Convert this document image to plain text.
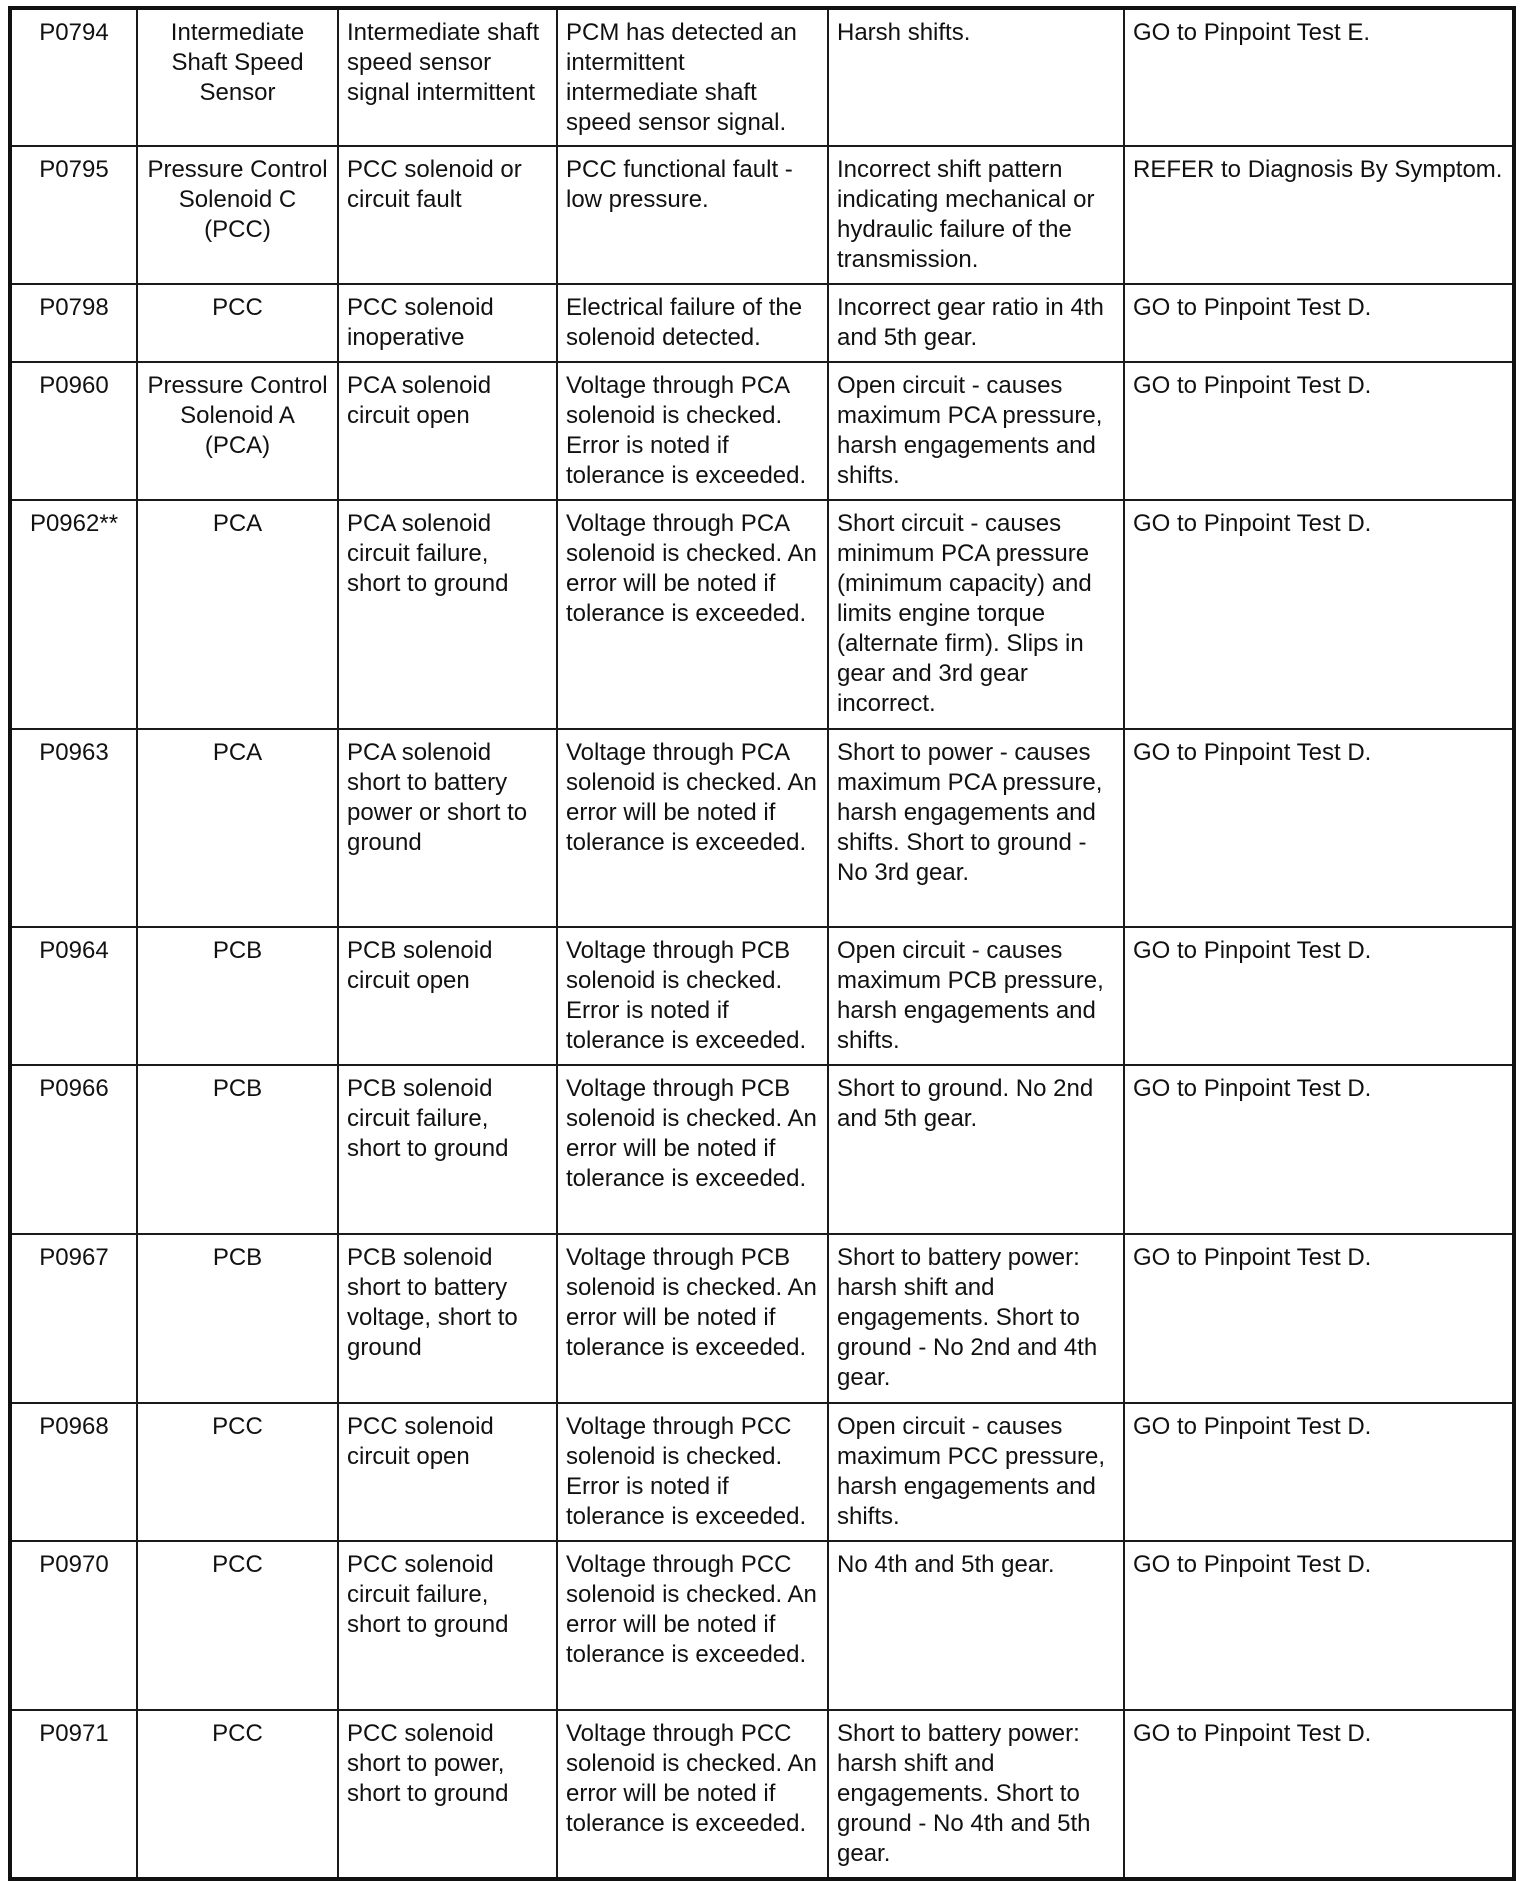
P0794	Intermediate Shaft Speed Sensor	Intermediate shaft speed sensor signal intermittent	PCM has detected an intermittent intermediate shaft speed sensor signal.	Harsh shifts.	GO to Pinpoint Test E.
P0795	Pressure Control Solenoid C (PCC)	PCC solenoid or circuit fault	PCC functional fault - low pressure.	Incorrect shift pattern indicating mechanical or hydraulic failure of the transmission.	REFER to Diagnosis By Symptom.
P0798	PCC	PCC solenoid inoperative	Electrical failure of the solenoid detected.	Incorrect gear ratio in 4th and 5th gear.	GO to Pinpoint Test D.
P0960	Pressure Control Solenoid A (PCA)	PCA solenoid circuit open	Voltage through PCA solenoid is checked. Error is noted if tolerance is exceeded.	Open circuit - causes maximum PCA pressure, harsh engagements and shifts.	GO to Pinpoint Test D.
P0962**	PCA	PCA solenoid circuit failure, short to ground	Voltage through PCA solenoid is checked. An error will be noted if tolerance is exceeded.	Short circuit - causes minimum PCA pressure (minimum capacity) and limits engine torque (alternate firm). Slips in gear and 3rd gear incorrect.	GO to Pinpoint Test D.
P0963	PCA	PCA solenoid short to battery power or short to ground	Voltage through PCA solenoid is checked. An error will be noted if tolerance is exceeded.	Short to power - causes maximum PCA pressure, harsh engagements and shifts. Short to ground - No 3rd gear.	GO to Pinpoint Test D.
P0964	PCB	PCB solenoid circuit open	Voltage through PCB solenoid is checked. Error is noted if tolerance is exceeded.	Open circuit - causes maximum PCB pressure, harsh engagements and shifts.	GO to Pinpoint Test D.
P0966	PCB	PCB solenoid circuit failure, short to ground	Voltage through PCB solenoid is checked. An error will be noted if tolerance is exceeded.	Short to ground. No 2nd and 5th gear.	GO to Pinpoint Test D.
P0967	PCB	PCB solenoid short to battery voltage, short to ground	Voltage through PCB solenoid is checked. An error will be noted if tolerance is exceeded.	Short to battery power: harsh shift and engagements. Short to ground - No 2nd and 4th gear.	GO to Pinpoint Test D.
P0968	PCC	PCC solenoid circuit open	Voltage through PCC solenoid is checked. Error is noted if tolerance is exceeded.	Open circuit - causes maximum PCC pressure, harsh engagements and shifts.	GO to Pinpoint Test D.
P0970	PCC	PCC solenoid circuit failure, short to ground	Voltage through PCC solenoid is checked. An error will be noted if tolerance is exceeded.	No 4th and 5th gear.	GO to Pinpoint Test D.
P0971	PCC	PCC solenoid short to power, short to ground	Voltage through PCC solenoid is checked. An error will be noted if tolerance is exceeded.	Short to battery power: harsh shift and engagements. Short to ground - No 4th and 5th gear.	GO to Pinpoint Test D.
